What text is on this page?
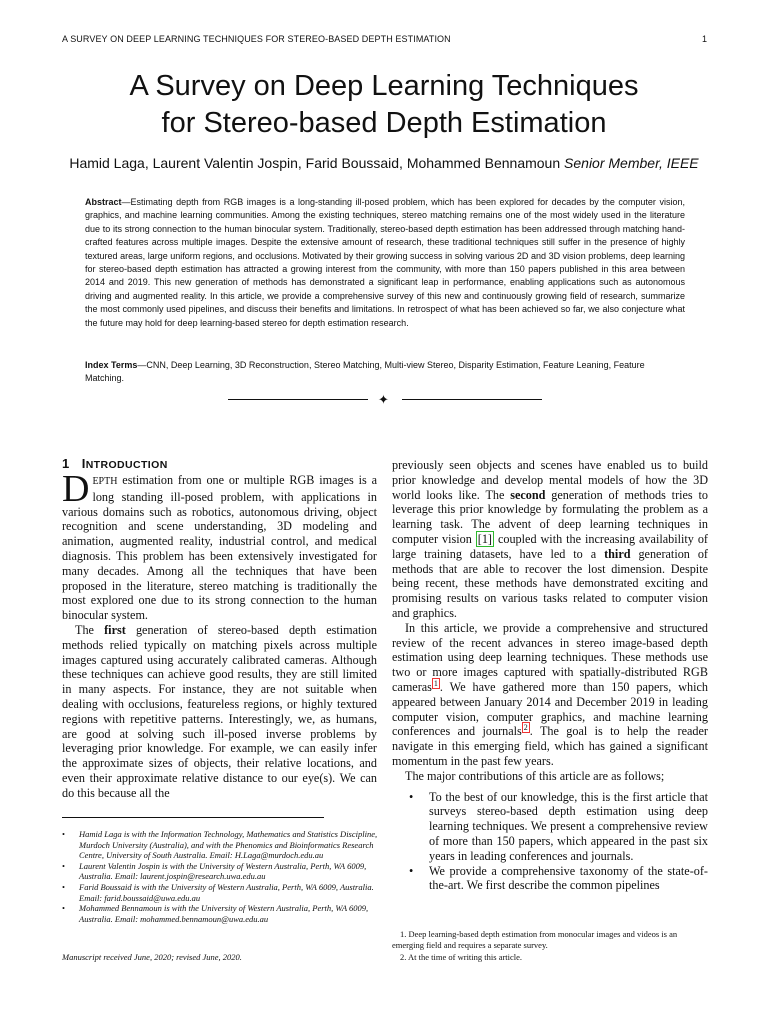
A SURVEY ON DEEP LEARNING TECHNIQUES FOR STEREO-BASED DEPTH ESTIMATION	1
A Survey on Deep Learning Techniques
for Stereo-based Depth Estimation
Hamid Laga, Laurent Valentin Jospin, Farid Boussaid, Mohammed Bennamoun Senior Member, IEEE
Abstract—Estimating depth from RGB images is a long-standing ill-posed problem, which has been explored for decades by the computer vision, graphics, and machine learning communities. Among the existing techniques, stereo matching remains one of the most widely used in the literature due to its strong connection to the human binocular system. Traditionally, stereo-based depth estimation has been addressed through matching hand-crafted features across multiple images. Despite the extensive amount of research, these traditional techniques still suffer in the presence of highly textured areas, large uniform regions, and occlusions. Motivated by their growing success in solving various 2D and 3D vision problems, deep learning for stereo-based depth estimation has attracted a growing interest from the community, with more than 150 papers published in this area between 2014 and 2019. This new generation of methods has demonstrated a significant leap in performance, enabling applications such as autonomous driving and augmented reality. In this article, we provide a comprehensive survey of this new and continuously growing field of research, summarize the most commonly used pipelines, and discuss their benefits and limitations. In retrospect of what has been achieved so far, we also conjecture what the future may hold for deep learning-based stereo for depth estimation research.
Index Terms—CNN, Deep Learning, 3D Reconstruction, Stereo Matching, Multi-view Stereo, Disparity Estimation, Feature Leaning, Feature Matching.
✦
1 INTRODUCTION

DEPTH estimation from one or multiple RGB images is a long standing ill-posed problem, with applications in various domains such as robotics, autonomous driving, object recognition and scene understanding, 3D modeling and animation, augmented reality, industrial control, and medical diagnosis. This problem has been extensively investigated for many decades. Among all the techniques that have been proposed in the literature, stereo matching is traditionally the most explored one due to its strong connection to the human binocular system.

The first generation of stereo-based depth estimation methods relied typically on matching pixels across multiple images captured using accurately calibrated cameras. Although these techniques can achieve good results, they are still limited in many aspects. For instance, they are not suitable when dealing with occlusions, featureless regions, or highly textured regions with repetitive patterns. Interestingly, we, as humans, are good at solving such ill-posed inverse problems by leveraging prior knowledge. For example, we can easily infer the approximate sizes of objects, their relative locations, and even their approximate relative distance to our eye(s). We can do this because all the

previously seen objects and scenes have enabled us to build prior knowledge and develop mental models of how the 3D world looks like. The second generation of methods tries to leverage this prior knowledge by formulating the problem as a learning task. The advent of deep learning techniques in computer vision [1] coupled with the increasing availability of large training datasets, have led to a third generation of methods that are able to recover the lost dimension. Despite being recent, these methods have demonstrated exciting and promising results on various tasks related to computer vision and graphics.

In this article, we provide a comprehensive and structured review of the recent advances in stereo image-based depth estimation using deep learning techniques. These methods use two or more images captured with spatially-distributed RGB cameras $^1$ . We have gathered more than 150 papers, which appeared between January 2014 and December 2019 in leading computer vision, computer graphics, and machine learning conferences and journals $^2$ . The goal is to help the reader navigate in this emerging field, which has gained a significant momentum in the past few years.

The major contributions of this article are as follows;

• To the best of our knowledge, this is the first article that surveys stereo-based depth estimation using deep learning techniques. We present a comprehensive review of more than 150 papers, which appeared in the past six years in leading conferences and journals.
• We provide a comprehensive taxonomy of the state-of-the-art. We first describe the common pipelines
• Hamid Laga is with the Information Technology, Mathematics and Statistics Discipline, Murdoch University (Australia), and with the Phenomics and Bioinformatics Research Centre, University of South Australia. Email: H.Laga@murdoch.edu.au
• Laurent Valentin Jospin is with the University of Western Australia, Perth, WA 6009, Australia. Email: laurent.jospin@research.uwa.edu.au
• Farid Boussaid is with the University of Western Australia, Perth, WA 6009, Australia. Email: farid.boussaid@uwa.edu.au
• Mohammed Bennamoun is with the University of Western Australia, Perth, WA 6009, Australia. Email: mohammed.bennamoun@uwa.edu.au
Manuscript received June, 2020; revised June, 2020.

1. Deep learning-based depth estimation from monocular images and videos is an emerging field and requires a separate survey.

2. At the time of writing this article.
